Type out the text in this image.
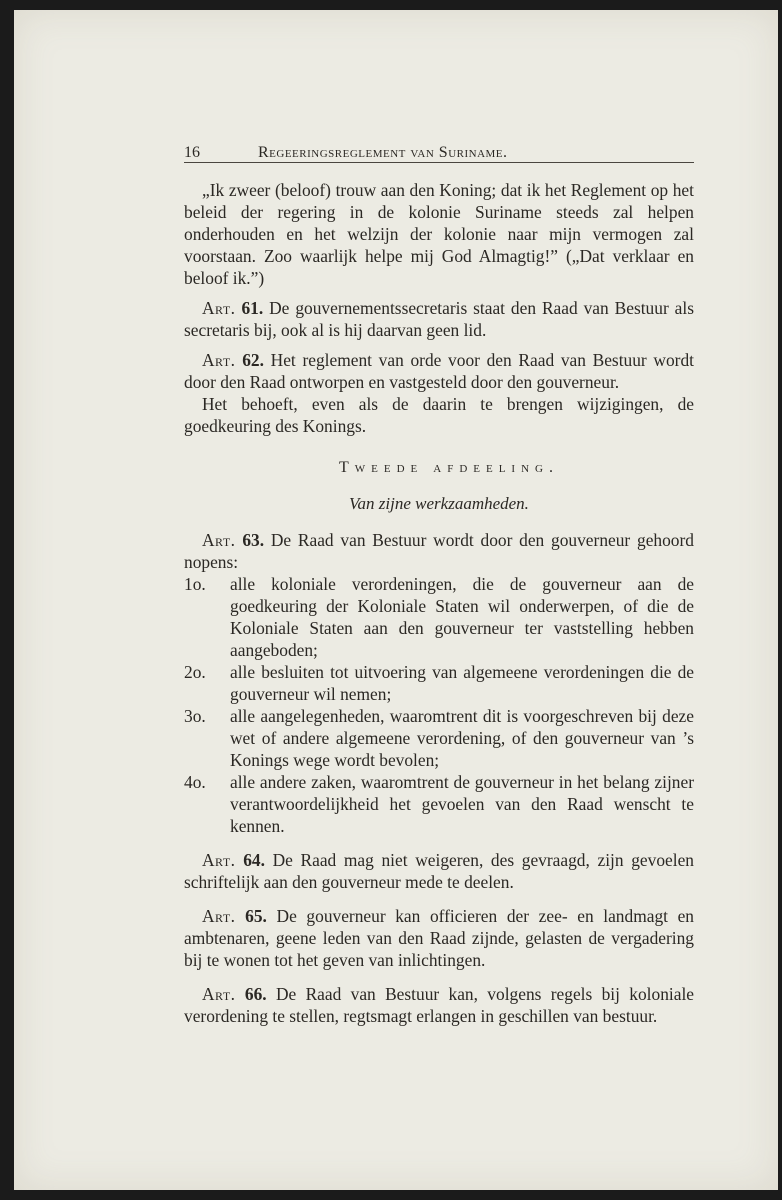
16	Regeeringsreglement van Suriname.

„Ik zweer (beloof) trouw aan den Koning; dat ik het Reglement op het beleid der regering in de kolonie Suriname steeds zal helpen onderhouden en het welzijn der kolonie naar mijn vermogen zal voorstaan. Zoo waarlijk helpe mij God Almagtig!” („Dat verklaar en beloof ik.”)

Art. 61. De gouvernementssecretaris staat den Raad van Bestuur als secretaris bij, ook al is hij daarvan geen lid.

Art. 62. Het reglement van orde voor den Raad van Bestuur wordt door den Raad ontworpen en vastgesteld door den gouverneur.

Het behoeft, even als de daarin te brengen wijzigingen, de goedkeuring des Konings.

Tweede afdeeling.
Van zijne werkzaamheden.

Art. 63. De Raad van Bestuur wordt door den gouverneur gehoord nopens:

1o.	alle koloniale verordeningen, die de gouverneur aan de goedkeuring der Koloniale Staten wil onderwerpen, of die de Koloniale Staten aan den gouverneur ter vaststelling hebben aangeboden;
2o.	alle besluiten tot uitvoering van algemeene verordeningen die de gouverneur wil nemen;
3o.	alle aangelegenheden, waaromtrent dit is voorgeschreven bij deze wet of andere algemeene verordening, of den gouverneur van ’s Konings wege wordt bevolen;
4o.	alle andere zaken, waaromtrent de gouverneur in het belang zijner verantwoordelijkheid het gevoelen van den Raad wenscht te kennen.

Art. 64. De Raad mag niet weigeren, des gevraagd, zijn gevoelen schriftelijk aan den gouverneur mede te deelen.

Art. 65. De gouverneur kan officieren der zee- en landmagt en ambtenaren, geene leden van den Raad zijnde, gelasten de vergadering bij te wonen tot het geven van inlichtingen.

Art. 66. De Raad van Bestuur kan, volgens regels bij koloniale verordening te stellen, regtsmagt erlangen in geschillen van bestuur.
